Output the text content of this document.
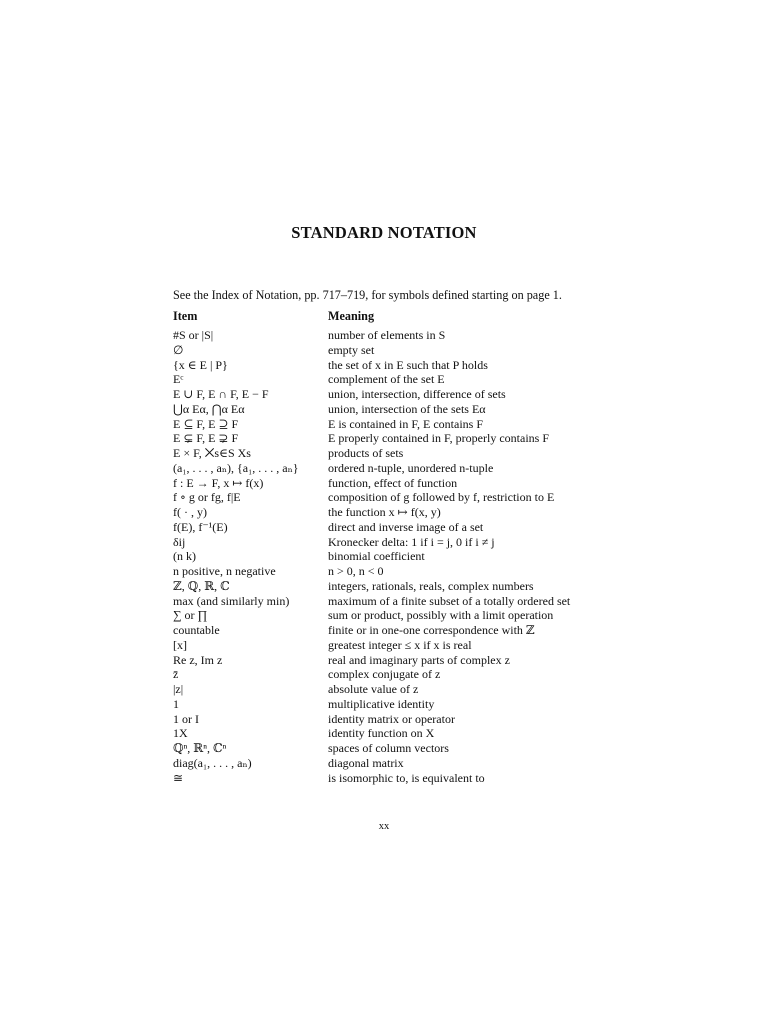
STANDARD NOTATION
See the Index of Notation, pp. 717–719, for symbols defined starting on page 1.
Item	Meaning
#S or |S|	number of elements in S
∅	empty set
{x ∈ E | P}	the set of x in E such that P holds
Eᶜ	complement of the set E
E ∪ F, E ∩ F, E − F	union, intersection, difference of sets
⋃α Eα, ⋂α Eα	union, intersection of the sets Eα
E ⊆ F, E ⊇ F	E is contained in F, E contains F
E ⊊ F, E ⊋ F	E properly contained in F, properly contains F
E × F, ⨉s∈S Xs	products of sets
(a₁, . . . , aₙ), {a₁, . . . , aₙ}	ordered n-tuple, unordered n-tuple
f : E → F, x ↦ f(x)	function, effect of function
f ∘ g or fg, f|E	composition of g followed by f, restriction to E
f( · , y)	the function x ↦ f(x, y)
f(E), f⁻¹(E)	direct and inverse image of a set
δij	Kronecker delta: 1 if i = j, 0 if i ≠ j
(n k)	binomial coefficient
n positive, n negative	n > 0, n < 0
ℤ, ℚ, ℝ, ℂ	integers, rationals, reals, complex numbers
max (and similarly min)	maximum of a finite subset of a totally ordered set
∑ or ∏	sum or product, possibly with a limit operation
countable	finite or in one-one correspondence with ℤ
[x]	greatest integer ≤ x if x is real
Re z, Im z	real and imaginary parts of complex z
z̄	complex conjugate of z
|z|	absolute value of z
1	multiplicative identity
1 or I	identity matrix or operator
1X	identity function on X
ℚⁿ, ℝⁿ, ℂⁿ	spaces of column vectors
diag(a₁, . . . , aₙ)	diagonal matrix
≅	is isomorphic to, is equivalent to
xx
